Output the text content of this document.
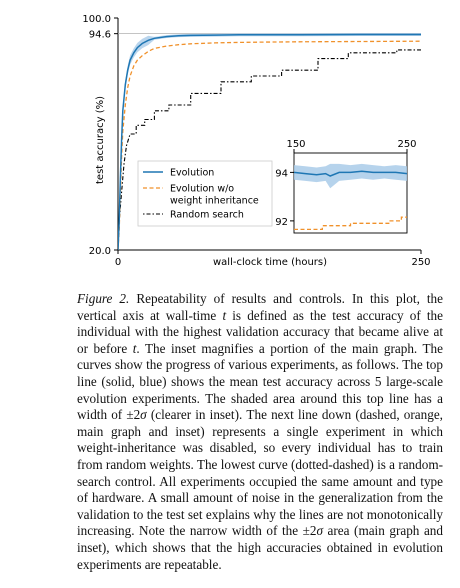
100.0
94.6
20.0
0	250
wall-clock time (hours)
test accuracy (%)	Evolution
Evolution w/o weight inheritance
Random search
150	250
94
92
Figure 2. Repeatability of results and controls. In this plot, the vertical axis at wall-time t is defined as the test accuracy of the individual with the highest validation accuracy that became alive at or before t. The inset magnifies a portion of the main graph. The curves show the progress of various experiments, as follows. The top line (solid, blue) shows the mean test accuracy across 5 large-scale evolution experiments. The shaded area around this top line has a width of ±2σ (clearer in inset). The next line down (dashed, orange, main graph and inset) represents a single experiment in which weight-inheritance was disabled, so every individual has to train from random weights. The lowest curve (dotted-dashed) is a random-search control. All experiments occupied the same amount and type of hardware. A small amount of noise in the generalization from the validation to the test set explains why the lines are not monotonically increasing. Note the narrow width of the ±2σ area (main graph and inset), which shows that the high accuracies obtained in evolution experiments are repeatable.
